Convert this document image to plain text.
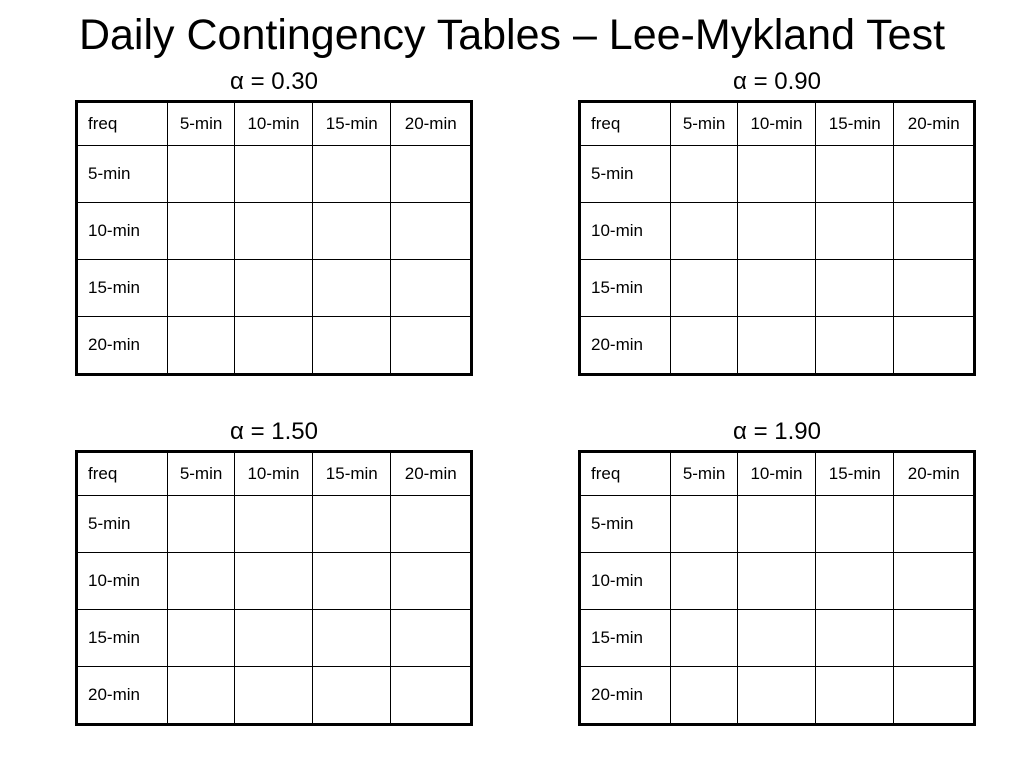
Daily Contingency Tables – Lee-Mykland Test
α = 0.30
freq	5-min	10-min	15-min	20-min
5-min				
10-min				
15-min				
20-min				
α = 0.90
freq	5-min	10-min	15-min	20-min
5-min				
10-min				
15-min				
20-min				
α = 1.50
freq	5-min	10-min	15-min	20-min
5-min				
10-min				
15-min				
20-min				
α = 1.90
freq	5-min	10-min	15-min	20-min
5-min				
10-min				
15-min				
20-min				
